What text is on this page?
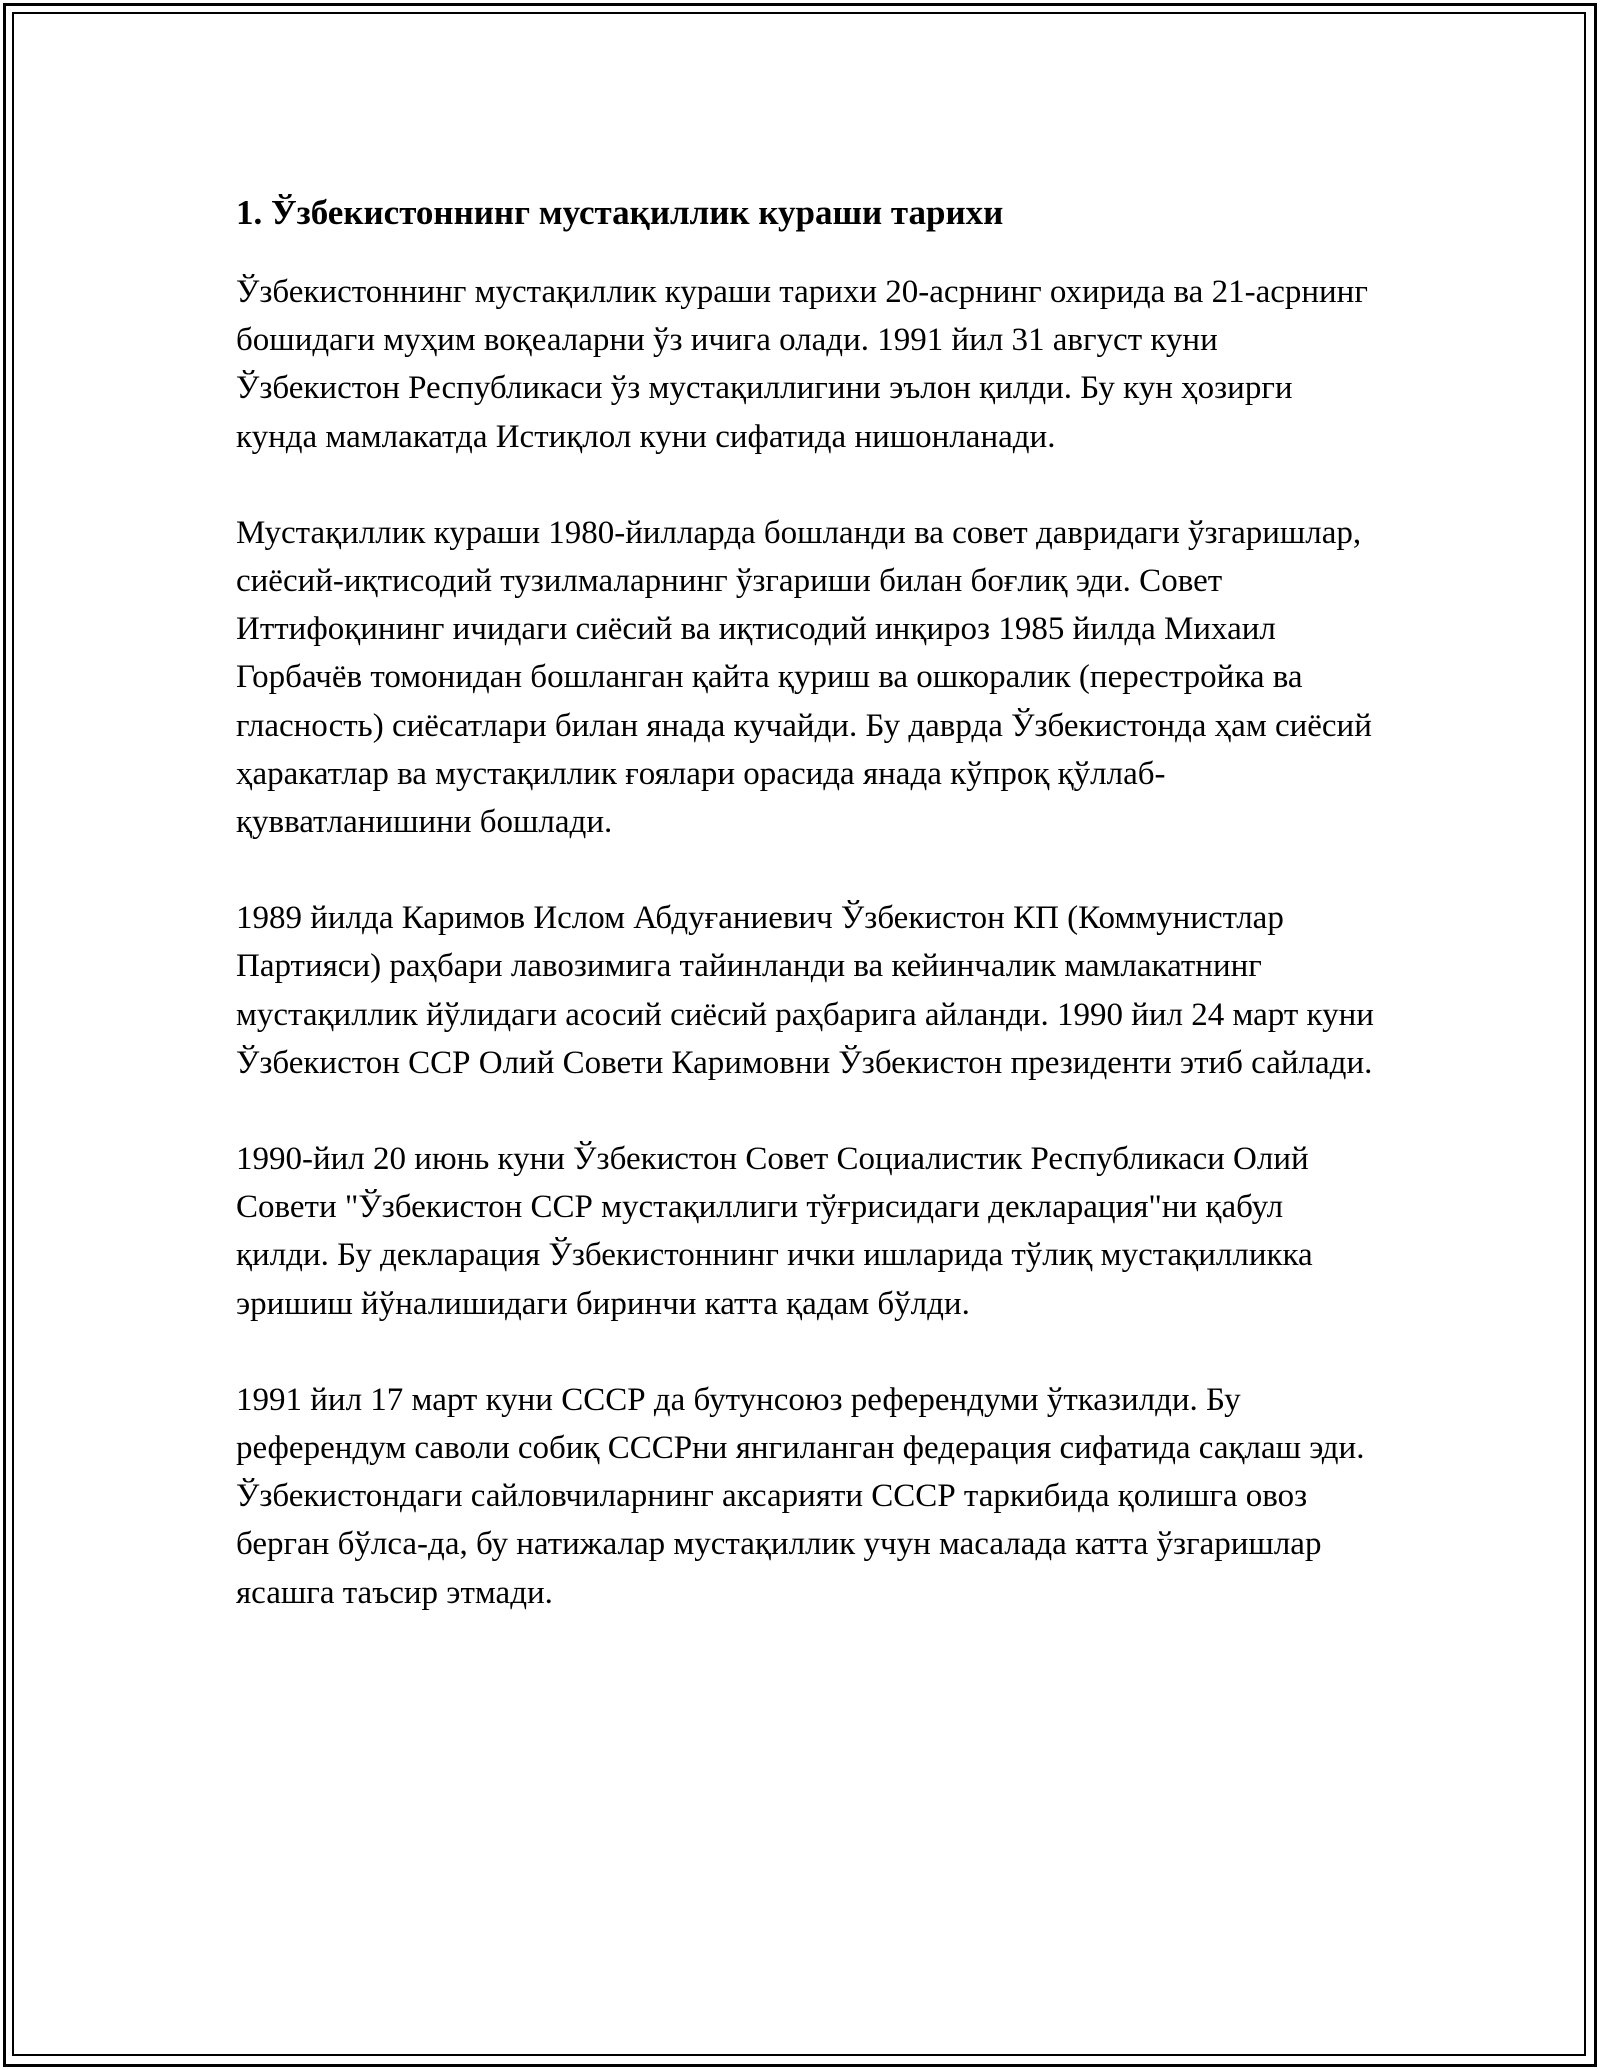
1. Ўзбекистоннинг мустақиллик кураши тарихи

Ўзбекистоннинг мустақиллик кураши тарихи 20-асрнинг охирида ва 21-асрнинг бошидаги муҳим воқеаларни ўз ичига олади. 1991 йил 31 август куни Ўзбекистон Республикаси ўз мустақиллигини эълон қилди. Бу кун ҳозирги кунда мамлакатда Истиқлол куни сифатида нишонланади.

Мустақиллик кураши 1980-йилларда бошланди ва совет давридаги ўзгаришлар, сиёсий-иқтисодий тузилмаларнинг ўзгариши билан боғлиқ эди. Совет Иттифоқининг ичидаги сиёсий ва иқтисодий инқироз 1985 йилда Михаил Горбачёв томонидан бошланган қайта қуриш ва ошкоралик (перестройка ва гласность) сиёсатлари билан янада кучайди. Бу даврда Ўзбекистонда ҳам сиёсий ҳаракатлар ва мустақиллик ғоялари орасида янада кўпроқ қўллаб-қувватланишини бошлади.

1989 йилда Каримов Ислом Абдуғаниевич Ўзбекистон КП (Коммунистлар Партияси) раҳбари лавозимига тайинланди ва кейинчалик мамлакатнинг мустақиллик йўлидаги асосий сиёсий раҳбарига айланди. 1990 йил 24 март куни Ўзбекистон ССР Олий Совети Каримовни Ўзбекистон президенти этиб сайлади.

1990-йил 20 июнь куни Ўзбекистон Совет Социалистик Республикаси Олий Совети "Ўзбекистон ССР мустақиллиги тўғрисидаги декларация"ни қабул қилди. Бу декларация Ўзбекистоннинг ички ишларида тўлиқ мустақилликка эришиш йўналишидаги биринчи катта қадам бўлди.

1991 йил 17 март куни СССР да бутунсоюз референдуми ўтказилди. Бу референдум саволи собиқ СССРни янгиланган федерация сифатида сақлаш эди. Ўзбекистондаги сайловчиларнинг аксарияти СССР таркибида қолишга овоз берган бўлса-да, бу натижалар мустақиллик учун масалада катта ўзгаришлар ясашга таъсир этмади.
